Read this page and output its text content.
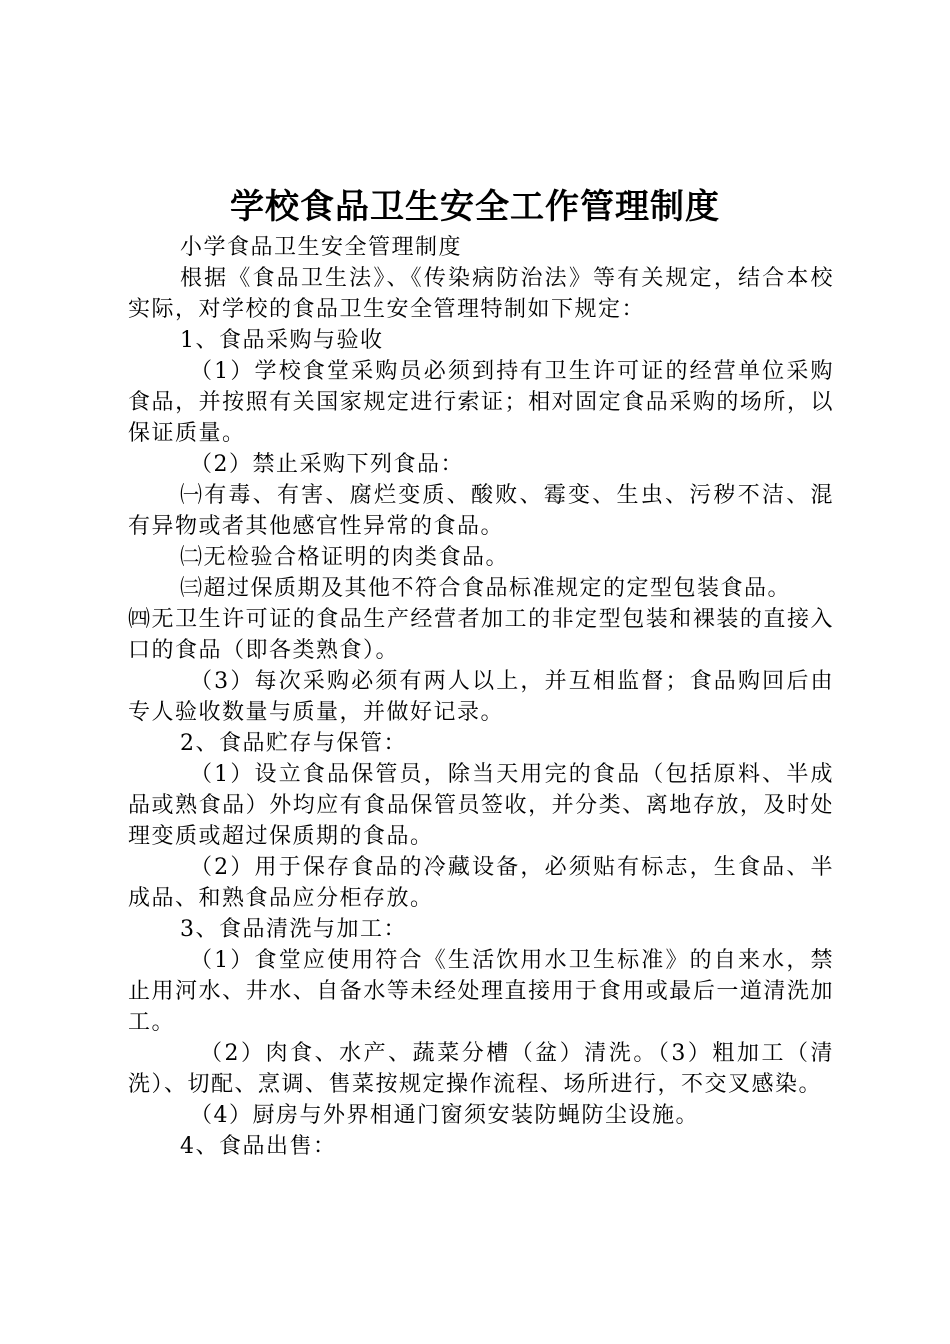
学校食品卫生安全工作管理制度

小学食品卫生安全管理制度

根据《食品卫生法》、《传染病防治法》等有关规定，结合本校实际，对学校的食品卫生安全管理特制如下规定：

1、食品采购与验收

（1）学校食堂采购员必须到持有卫生许可证的经营单位采购食品，并按照有关国家规定进行索证；相对固定食品采购的场所，以保证质量。

（2）禁止采购下列食品：

㈠有毒、有害、腐烂变质、酸败、霉变、生虫、污秽不洁、混有异物或者其他感官性异常的食品。

㈡无检验合格证明的肉类食品。

㈢超过保质期及其他不符合食品标准规定的定型包装食品。

㈣无卫生许可证的食品生产经营者加工的非定型包装和裸装的直接入口的食品（即各类熟食）。

（3）每次采购必须有两人以上，并互相监督；食品购回后由专人验收数量与质量，并做好记录。

2、食品贮存与保管：

（1）设立食品保管员，除当天用完的食品（包括原料、半成品或熟食品）外均应有食品保管员签收，并分类、离地存放，及时处理变质或超过保质期的食品。

（2）用于保存食品的冷藏设备，必须贴有标志，生食品、半成品、和熟食品应分柜存放。

3、食品清洗与加工：

（1）食堂应使用符合《生活饮用水卫生标准》的自来水，禁止用河水、井水、自备水等未经处理直接用于食用或最后一道清洗加工。

（2）肉食、水产、蔬菜分槽（盆）清洗。（3）粗加工（清洗）、切配、烹调、售菜按规定操作流程、场所进行，不交叉感染。

（4）厨房与外界相通门窗须安装防蝇防尘设施。

4、食品出售：
